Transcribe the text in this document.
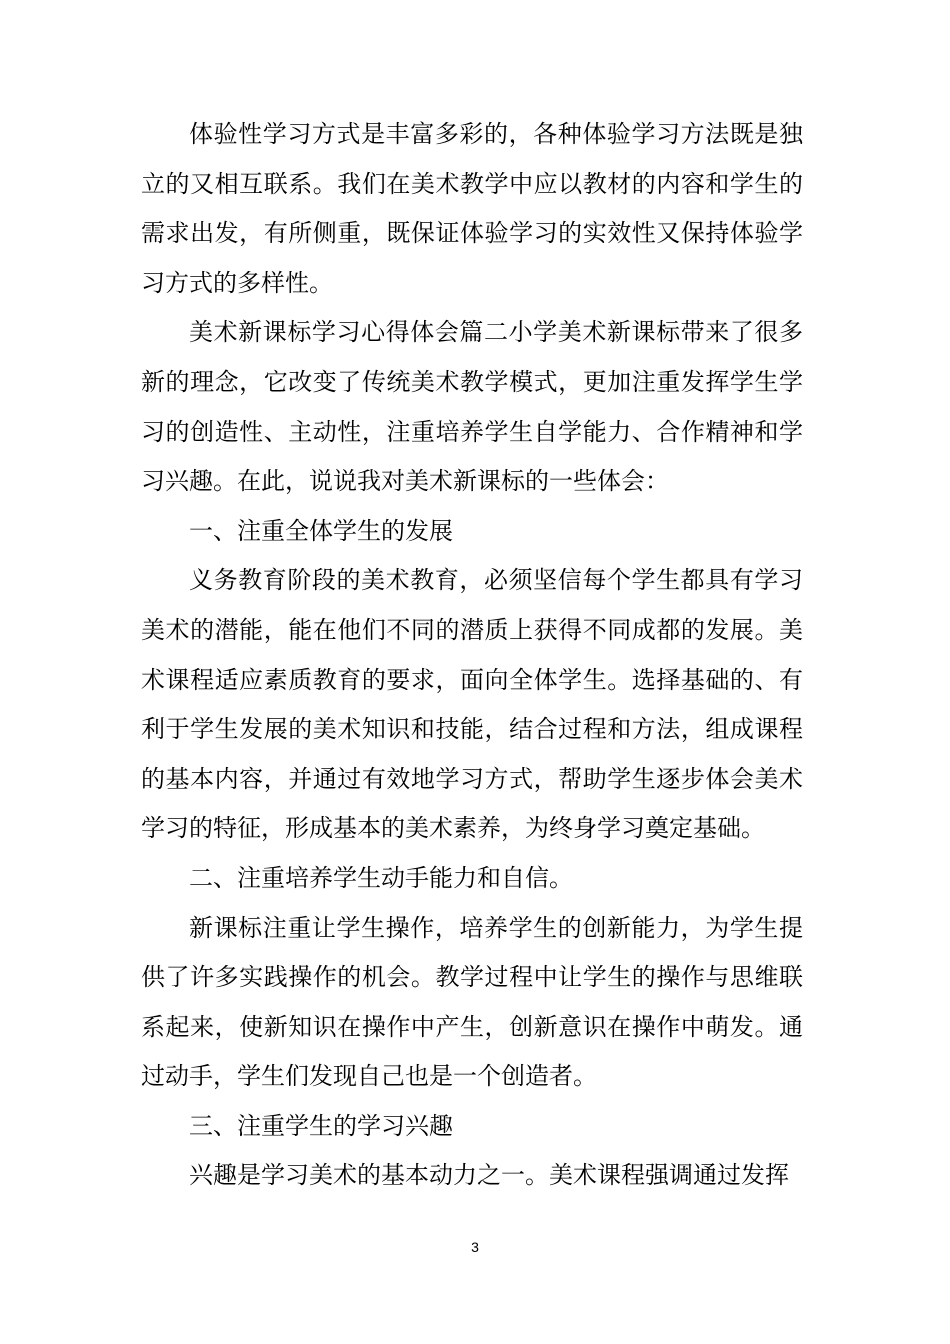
体验性学习方式是丰富多彩的，各种体验学习方法既是独立的又相互联系。我们在美术教学中应以教材的内容和学生的需求出发，有所侧重，既保证体验学习的实效性又保持体验学习方式的多样性。

美术新课标学习心得体会篇二小学美术新课标带来了很多新的理念，它改变了传统美术教学模式，更加注重发挥学生学习的创造性、主动性，注重培养学生自学能力、合作精神和学习兴趣。在此，说说我对美术新课标的一些体会：

一、注重全体学生的发展

义务教育阶段的美术教育，必须坚信每个学生都具有学习美术的潜能，能在他们不同的潜质上获得不同成都的发展。美术课程适应素质教育的要求，面向全体学生。选择基础的、有利于学生发展的美术知识和技能，结合过程和方法，组成课程的基本内容，并通过有效地学习方式，帮助学生逐步体会美术学习的特征，形成基本的美术素养，为终身学习奠定基础。

二、注重培养学生动手能力和自信。

新课标注重让学生操作，培养学生的创新能力，为学生提供了许多实践操作的机会。教学过程中让学生的操作与思维联系起来，使新知识在操作中产生，创新意识在操作中萌发。通过动手，学生们发现自己也是一个创造者。

三、注重学生的学习兴趣

兴趣是学习美术的基本动力之一。美术课程强调通过发挥

3
